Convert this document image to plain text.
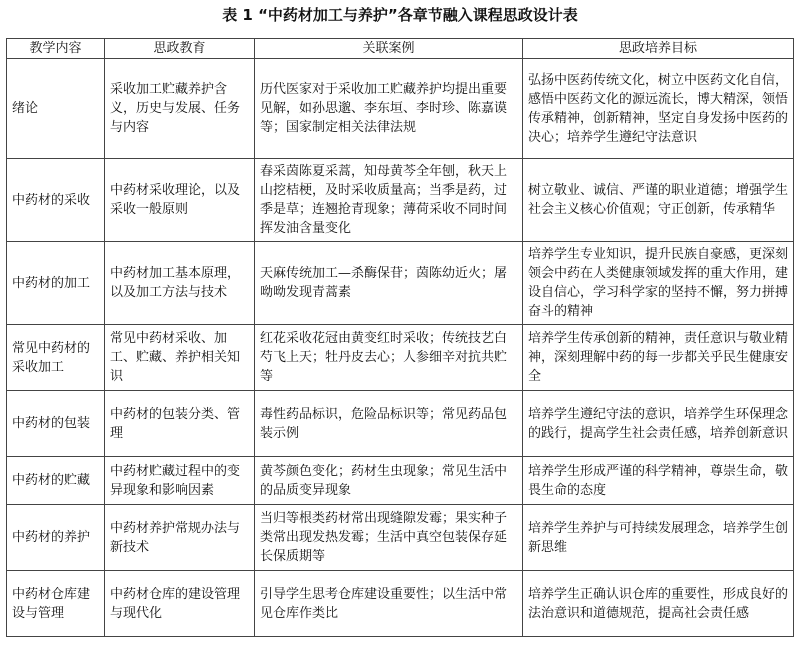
表 1 “中药材加工与养护”各章节融入课程思政设计表
教学内容	思政教育	关联案例	思政培养目标
绪论	采收加工贮藏养护含义，历史与发展、任务与内容	历代医家对于采收加工贮藏养护均提出重要见解，如孙思邈、李东垣、李时珍、陈嘉谟等；国家制定相关法律法规	弘扬中医药传统文化，树立中医药文化自信，感悟中医药文化的源远流长，博大精深，领悟传承精神，创新精神，坚定自身发扬中医药的决心；培养学生遵纪守法意识
中药材的采收	中药材采收理论，以及采收一般原则	春采茵陈夏采蒿，知母黄芩全年刨，秋天上山挖桔梗，及时采收质量高；当季是药，过季是草；连翘抢青现象；薄荷采收不同时间挥发油含量变化	树立敬业、诚信、严谨的职业道德；增强学生社会主义核心价值观；守正创新，传承精华
中药材的加工	中药材加工基本原理，以及加工方法与技术	天麻传统加工—杀酶保苷；茵陈幼近火；屠呦呦发现青蒿素	培养学生专业知识，提升民族自豪感，更深刻领会中药在人类健康领域发挥的重大作用，建设自信心，学习科学家的坚持不懈，努力拼搏奋斗的精神
常见中药材的采收加工	常见中药材采收、加工、贮藏、养护相关知识	红花采收花冠由黄变红时采收；传统技艺白芍飞上天；牡丹皮去心；人参细辛对抗共贮等	培养学生传承创新的精神，责任意识与敬业精神，深刻理解中药的每一步都关乎民生健康安全
中药材的包装	中药材的包装分类、管理	毒性药品标识，危险品标识等；常见药品包装示例	培养学生遵纪守法的意识，培养学生环保理念的践行，提高学生社会责任感，培养创新意识
中药材的贮藏	中药材贮藏过程中的变异现象和影响因素	黄芩颜色变化；药材生虫现象；常见生活中的品质变异现象	培养学生形成严谨的科学精神，尊崇生命，敬畏生命的态度
中药材的养护	中药材养护常规办法与新技术	当归等根类药材常出现缝隙发霉；果实种子类常出现发热发霉；生活中真空包装保存延长保质期等	培养学生养护与可持续发展理念，培养学生创新思维
中药材仓库建设与管理	中药材仓库的建设管理与现代化	引导学生思考仓库建设重要性；以生活中常见仓库作类比	培养学生正确认识仓库的重要性，形成良好的法治意识和道德规范，提高社会责任感
